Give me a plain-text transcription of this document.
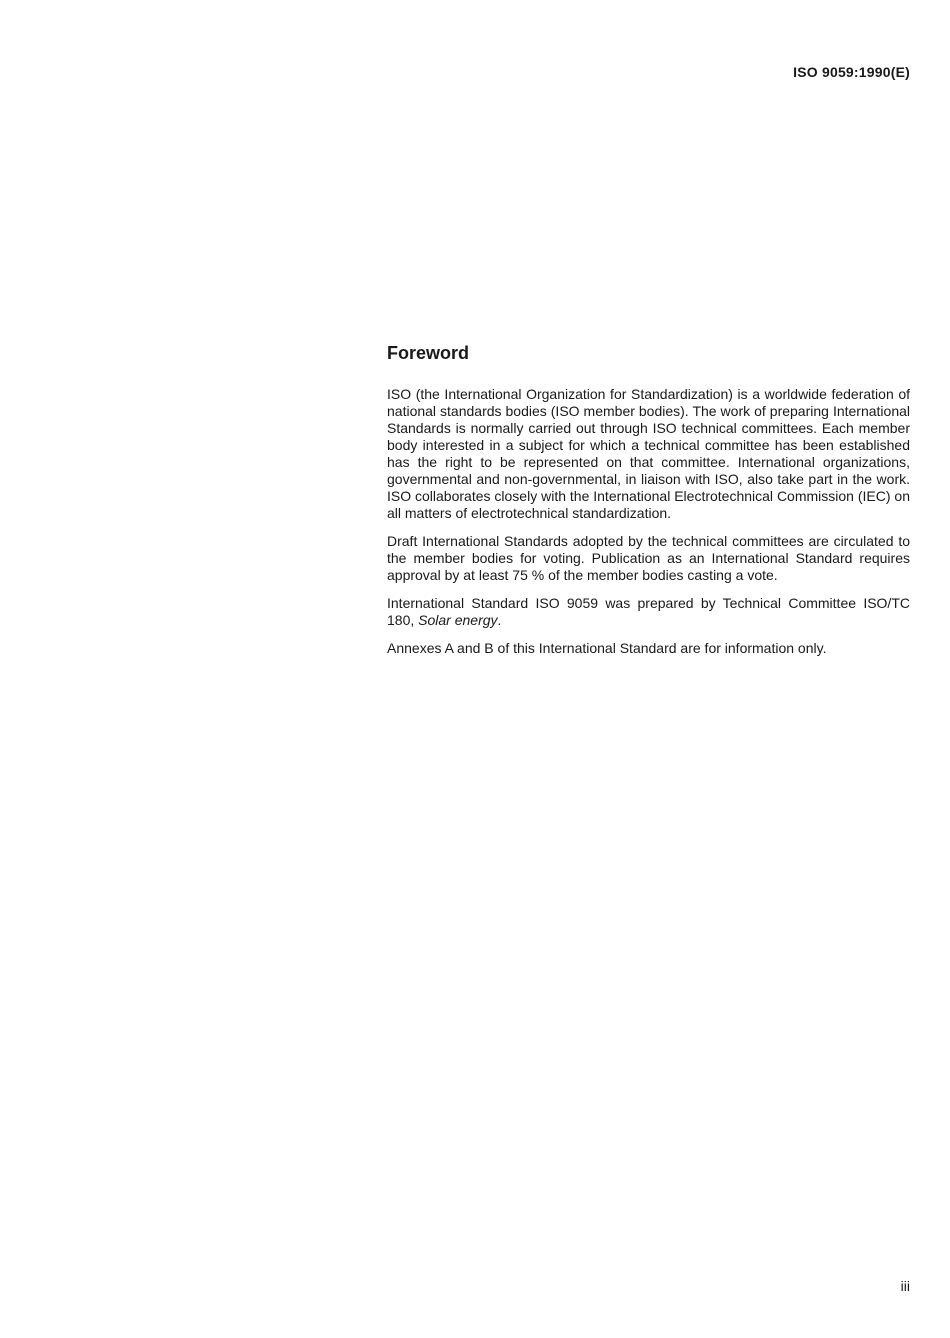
ISO 9059:1990(E)

Foreword

ISO (the International Organization for Standardization) is a worldwide federation of national standards bodies (ISO member bodies). The work of preparing International Standards is normally carried out through ISO technical committees. Each member body interested in a subject for which a technical committee has been established has the right to be represented on that committee. International organizations, governmental and non-governmental, in liaison with ISO, also take part in the work. ISO collaborates closely with the International Electrotechnical Commission (IEC) on all matters of electrotechnical standardization.

Draft International Standards adopted by the technical committees are circulated to the member bodies for voting. Publication as an International Standard requires approval by at least 75 % of the member bodies casting a vote.

International Standard ISO 9059 was prepared by Technical Committee ISO/TC 180, Solar energy.

Annexes A and B of this International Standard are for information only.

iii
